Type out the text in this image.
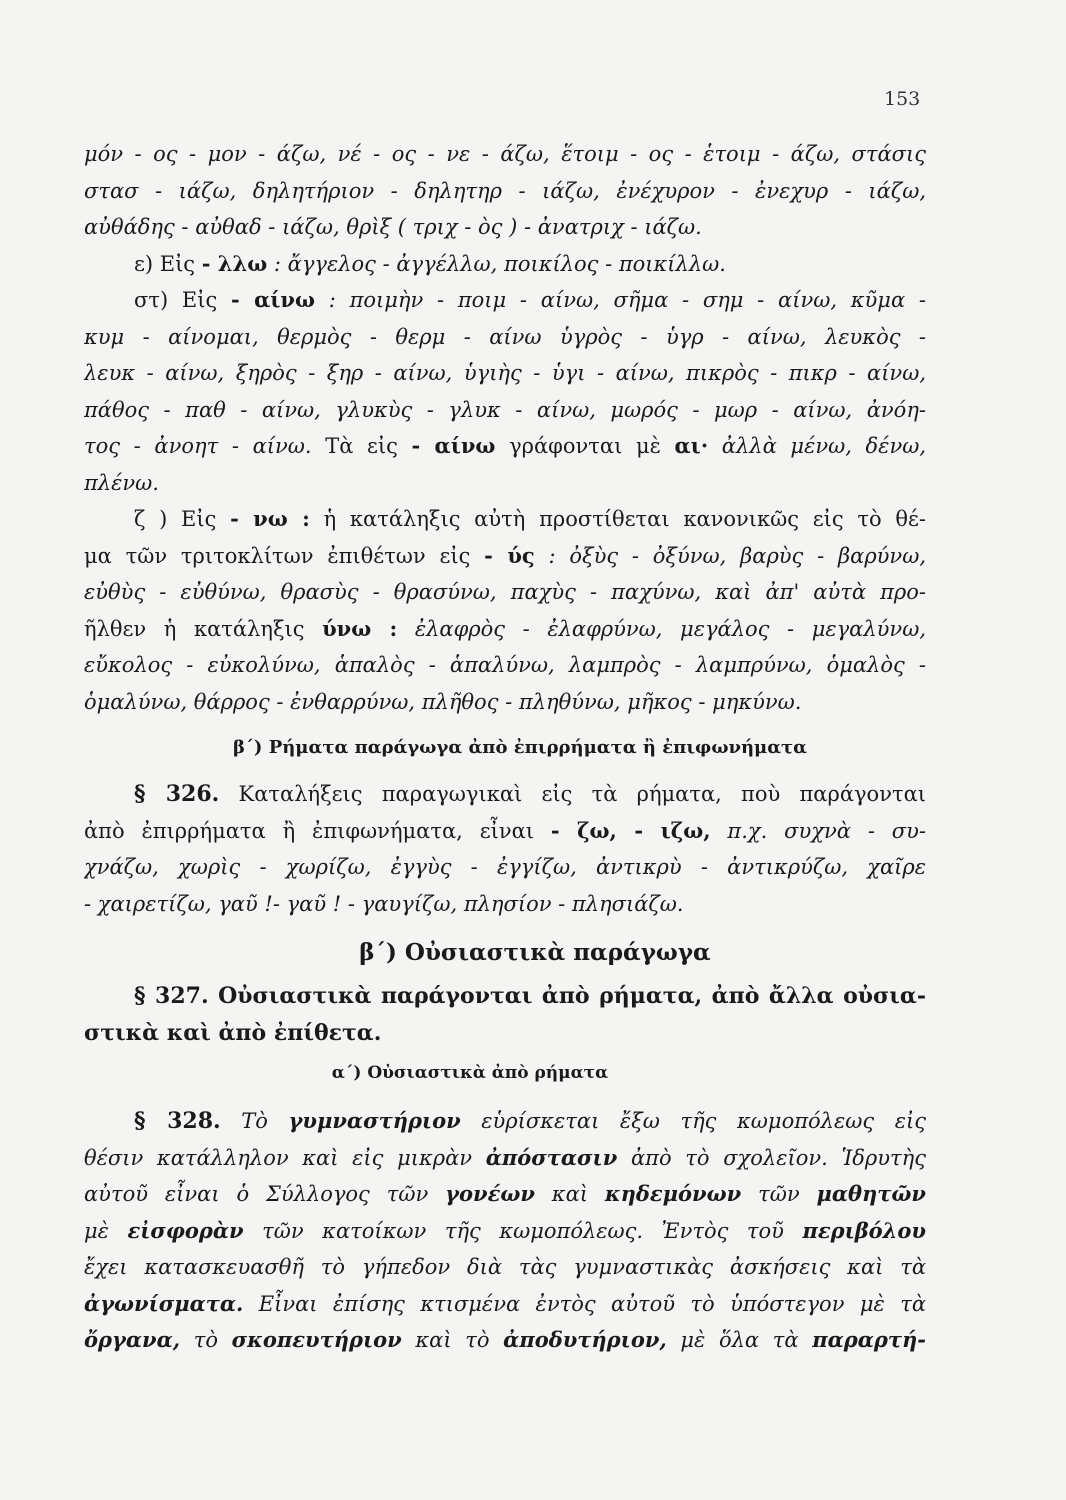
153
μόν - ος - μον - άζω, νέ - ος - νε - άζω, ἕτοιμ - ος - ἑτοιμ - άζω, στάσις
στασ - ιάζω, δηλητήριον - δηλητηρ - ιάζω, ἐνέχυρον - ἐνεχυρ - ιάζω,
αὐθάδης - αὐθαδ - ιάζω, θρὶξ ( τριχ - ὸς ) - ἀνατριχ - ιάζω.
ε) Εἰς - λλω : ἄγγελος - ἀγγέλλω, ποικίλος - ποικίλλω.
στ) Εἰς - αίνω : ποιμὴν - ποιμ - αίνω, σῆμα - σημ - αίνω, κῦμα -
κυμ - αίνομαι, θερμὸς - θερμ - αίνω ὑγρὸς - ὑγρ - αίνω, λευκὸς -
λευκ - αίνω, ξηρὸς - ξηρ - αίνω, ὑγιὴς - ὑγι - αίνω, πικρὸς - πικρ - αίνω,
πάθος - παθ - αίνω, γλυκὺς - γλυκ - αίνω, μωρός - μωρ - αίνω, ἀνόη-
τος - ἀνοητ - αίνω. Τὰ εἰς - αίνω γράφονται μὲ αι· ἀλλὰ μένω, δένω,
πλένω.
ζ ) Εἰς - νω : ἡ κατάληξις αὐτὴ προστίθεται κανονικῶς εἰς τὸ θέ-
μα τῶν τριτοκλίτων ἐπιθέτων εἰς - ύς : ὀξὺς - ὀξύνω, βαρὺς - βαρύνω,
εὐθὺς - εὐθύνω, θρασὺς - θρασύνω, παχὺς - παχύνω, καὶ ἀπ' αὐτὰ προ-
ῆλθεν ἡ κατάληξις ύνω : ἐλαφρὸς - ἐλαφρύνω, μεγάλος - μεγαλύνω,
εὔκολος - εὐκολύνω, ἁπαλὸς - ἁπαλύνω, λαμπρὸς - λαμπρύνω, ὁμαλὸς -
ὁμαλύνω, θάρρος - ἐνθαρρύνω, πλῆθος - πληθύνω, μῆκος - μηκύνω.
β΄) Ρήματα παράγωγα ἀπὸ ἐπιρρήματα ἢ ἐπιφωνήματα
§ 326. Καταλήξεις παραγωγικαὶ εἰς τὰ ρήματα, ποὺ παράγονται
ἀπὸ ἐπιρρήματα ἢ ἐπιφωνήματα, εἶναι - ζω, - ιζω, π.χ. συχνὰ - συ-
χνάζω, χωρὶς - χωρίζω, ἐγγὺς - ἐγγίζω, ἀντικρὺ - ἀντικρύζω, χαῖρε
- χαιρετίζω, γαῦ !- γαῦ ! - γαυγίζω, πλησίον - πλησιάζω.
β΄) Οὐσιαστικὰ παράγωγα
§ 327. Οὐσιαστικὰ παράγονται ἀπὸ ρήματα, ἀπὸ ἄλλα οὐσια-
στικὰ καὶ ἀπὸ ἐπίθετα.
α΄) Οὐσιαστικὰ ἀπὸ ρήματα
§ 328. Τὸ γυμναστήριον εὑρίσκεται ἔξω τῆς κωμοπόλεως εἰς
θέσιν κατάλληλον καὶ εἰς μικρὰν ἀπόστασιν ἀπὸ τὸ σχολεῖον. Ἱδρυτὴς
αὐτοῦ εἶναι ὁ Σύλλογος τῶν γονέων καὶ κηδεμόνων τῶν μαθητῶν
μὲ εἰσφορὰν τῶν κατοίκων τῆς κωμοπόλεως. Ἐντὸς τοῦ περιβόλου
ἔχει κατασκευασθῆ τὸ γήπεδον διὰ τὰς γυμναστικὰς ἀσκήσεις καὶ τὰ
ἀγωνίσματα. Εἶναι ἐπίσης κτισμένα ἐντὸς αὐτοῦ τὸ ὑπόστεγον μὲ τὰ
ὄργανα, τὸ σκοπευτήριον καὶ τὸ ἀποδυτήριον, μὲ ὅλα τὰ παραρτή-
